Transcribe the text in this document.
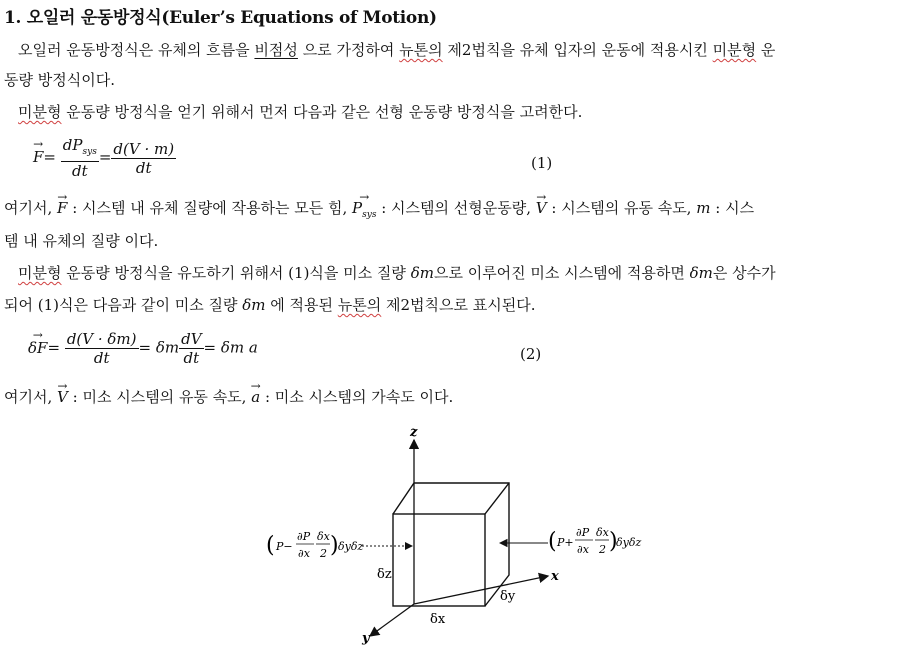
1. 오일러 운동방정식(Euler’s Equations of Motion)
오일러 운동방정식은 유체의 흐름을 비점성 으로 가정하여 뉴톤의 제2법칙을 유체 입자의 운동에 적용시킨 미분형 운
동량 방정식이다.
미분형 운동량 방정식을 얻기 위해서 먼저 다음과 같은 선형 운동량 방정식을 고려한다.
→ $F= \frac{dP_{sys}}{dt} = \frac{d(V \cdot m)}{dt}$	(1)
여기서, → F : 시스템 내 유체 질량에 작용하는 모든 힘, → $P_{sys}$ : 시스템의 선형운동량, → V : 시스템의 유동 속도, m : 시스
템 내 유체의 질량 이다.
미분형 운동량 방정식을 유도하기 위해서 (1)식을 미소 질량 δm으로 이루어진 미소 시스템에 적용하면 δm은 상수가
되어 (1)식은 다음과 같이 미소 질량 δm 에 적용된 뉴톤의 제2법칙으로 표시된다.
→ $\delta F= \frac{d(V \cdot \delta m)}{dt} = \delta m \frac{dV}{dt} = \delta m$ a	(2)
여기서, → V : 미소 시스템의 유동 속도, → a : 미소 시스템의 가속도 이다.
z
x
y
δz
δx
δy
( P−
∂P
∂x
δx
2 ) δyδz	( P+
∂P
∂x
δx
2 )
δyδz
